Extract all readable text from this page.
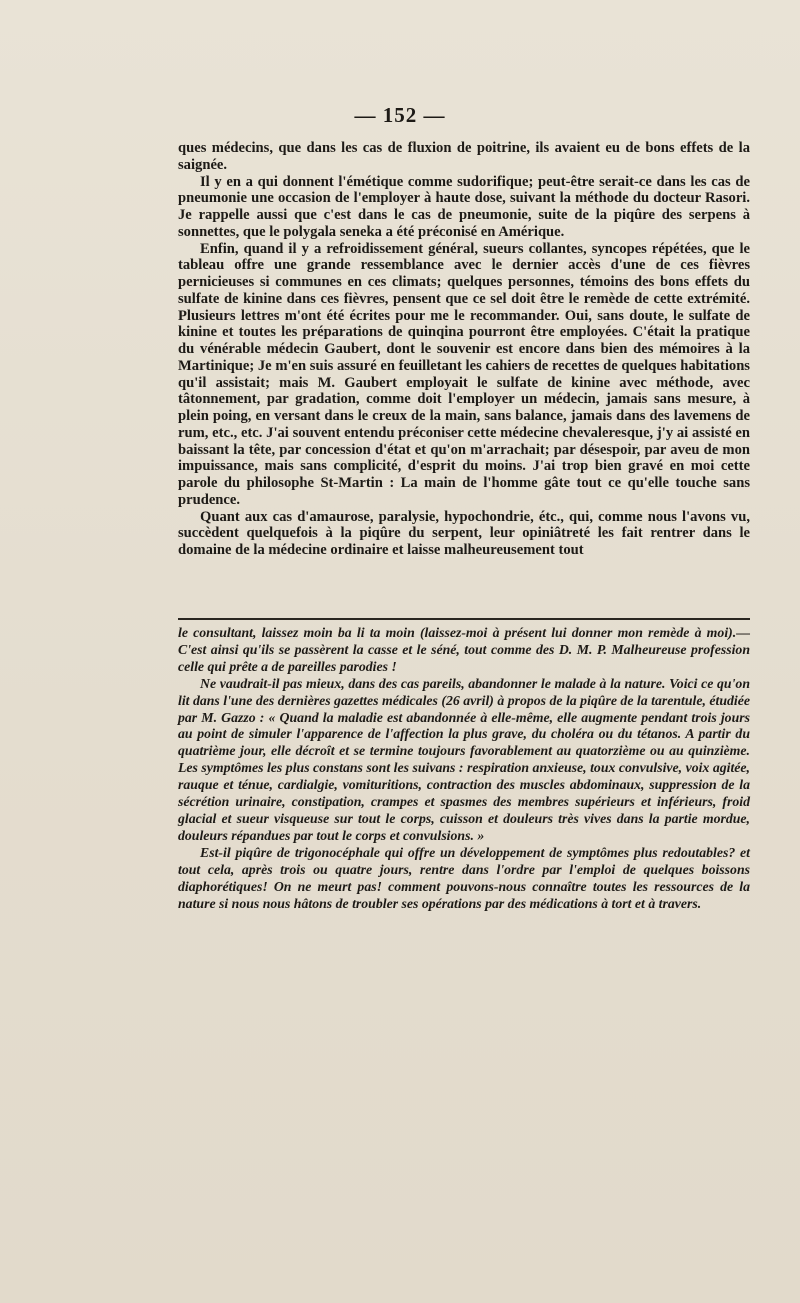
— 152 —

ques médecins, que dans les cas de fluxion de poitrine, ils avaient eu de bons effets de la saignée.

Il y en a qui donnent l'émétique comme sudorifique; peut-être serait-ce dans les cas de pneumonie une occasion de l'employer à haute dose, suivant la méthode du docteur Rasori. Je rappelle aussi que c'est dans le cas de pneumonie, suite de la piqûre des serpens à sonnettes, que le polygala seneka a été préconisé en Amérique.

Enfin, quand il y a refroidissement général, sueurs collantes, syncopes répétées, que le tableau offre une grande ressemblance avec le dernier accès d'une de ces fièvres pernicieuses si communes en ces climats; quelques personnes, témoins des bons effets du sulfate de kinine dans ces fièvres, pensent que ce sel doit être le remède de cette extrémité. Plusieurs lettres m'ont été écrites pour me le recommander. Oui, sans doute, le sulfate de kinine et toutes les préparations de quinqina pourront être employées. C'était la pratique du vénérable médecin Gaubert, dont le souvenir est encore dans bien des mémoires à la Martinique; Je m'en suis assuré en feuilletant les cahiers de recettes de quelques habitations qu'il assistait; mais M. Gaubert employait le sulfate de kinine avec méthode, avec tâtonnement, par gradation, comme doit l'employer un médecin, jamais sans mesure, à plein poing, en versant dans le creux de la main, sans balance, jamais dans des lavemens de rum, etc., etc. J'ai souvent entendu préconiser cette médecine chevaleresque, j'y ai assisté en baissant la tête, par concession d'état et qu'on m'arrachait; par désespoir, par aveu de mon impuissance, mais sans complicité, d'esprit du moins. J'ai trop bien gravé en moi cette parole du philosophe St-Martin : La main de l'homme gâte tout ce qu'elle touche sans prudence.

Quant aux cas d'amaurose, paralysie, hypochondrie, étc., qui, comme nous l'avons vu, succèdent quelquefois à la piqûre du serpent, leur opiniâtreté les fait rentrer dans le domaine de la médecine ordinaire et laisse malheureusement tout

le consultant, laissez moin ba li ta moin (laissez-moi à présent lui donner mon remède à moi).—C'est ainsi qu'ils se passèrent la casse et le séné, tout comme des D. M. P. Malheureuse profession celle qui prête a de pareilles parodies !

Ne vaudrait-il pas mieux, dans des cas pareils, abandonner le malade à la nature. Voici ce qu'on lit dans l'une des dernières gazettes médicales (26 avril) à propos de la piqûre de la tarentule, étudiée par M. Gazzo : « Quand la maladie est abandonnée à elle-même, elle augmente pendant trois jours au point de simuler l'apparence de l'affection la plus grave, du choléra ou du tétanos. A partir du quatrième jour, elle décroît et se termine toujours favorablement au quatorzième ou au quinzième. Les symptômes les plus constans sont les suivans : respiration anxieuse, toux convulsive, voix agitée, rauque et ténue, cardialgie, vomituritions, contraction des muscles abdominaux, suppression de la sécrétion urinaire, constipation, crampes et spasmes des membres supérieurs et inférieurs, froid glacial et sueur visqueuse sur tout le corps, cuisson et douleurs très vives dans la partie mordue, douleurs répandues par tout le corps et convulsions. »

Est-il piqûre de trigonocéphale qui offre un développement de symptômes plus redoutables? et tout cela, après trois ou quatre jours, rentre dans l'ordre par l'emploi de quelques boissons diaphorétiques! On ne meurt pas! comment pouvons-nous connaître toutes les ressources de la nature si nous nous hâtons de troubler ses opérations par des médications à tort et à travers.
